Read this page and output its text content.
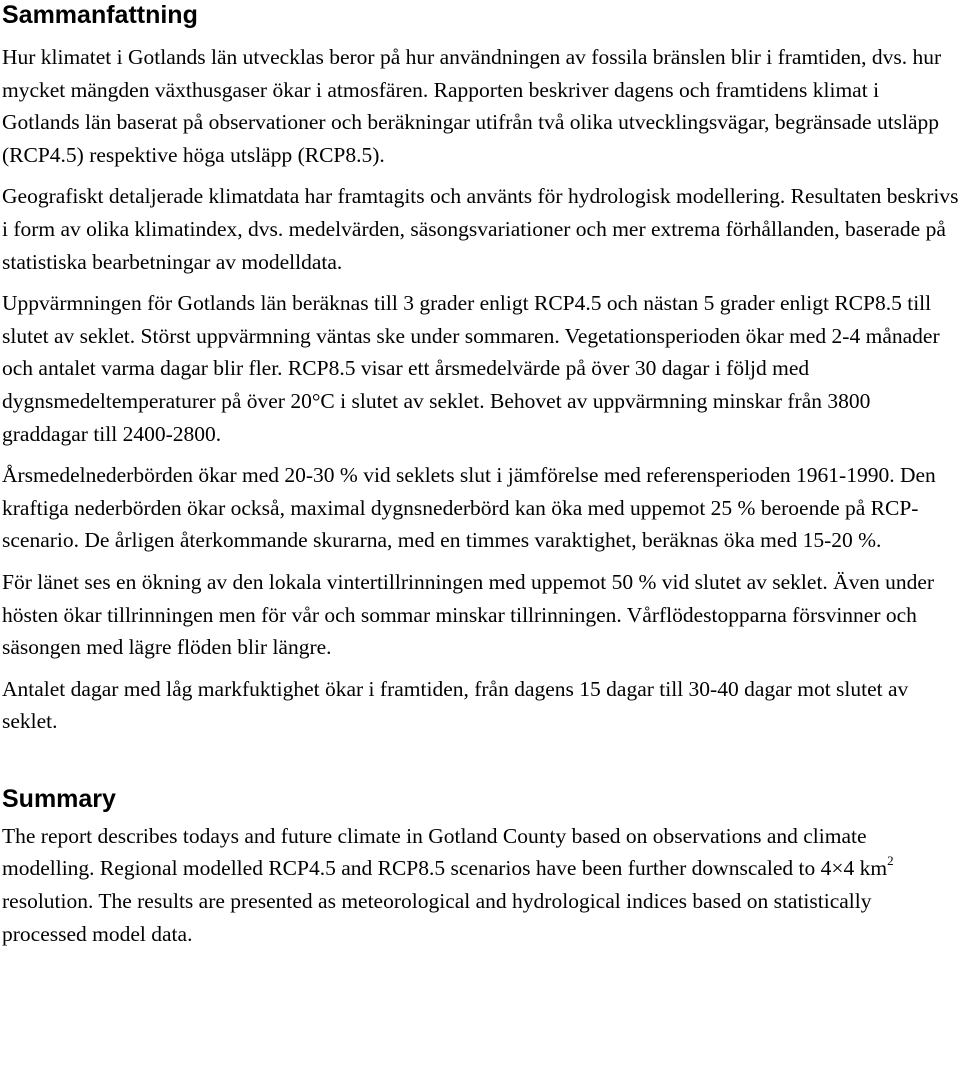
Sammanfattning

Hur klimatet i Gotlands län utvecklas beror på hur användningen av fossila bränslen blir i framtiden, dvs. hur mycket mängden växthusgaser ökar i atmosfären. Rapporten beskriver dagens och framtidens klimat i Gotlands län baserat på observationer och beräkningar utifrån två olika utvecklingsvägar, begränsade utsläpp (RCP4.5) respektive höga utsläpp (RCP8.5).

Geografiskt detaljerade klimatdata har framtagits och använts för hydrologisk modellering. Resultaten beskrivs i form av olika klimatindex, dvs. medelvärden, säsongsvariationer och mer extrema förhållanden, baserade på statistiska bearbetningar av modelldata.

Uppvärmningen för Gotlands län beräknas till 3 grader enligt RCP4.5 och nästan 5 grader enligt RCP8.5 till slutet av seklet. Störst uppvärmning väntas ske under sommaren. Vegetationsperioden ökar med 2-4 månader och antalet varma dagar blir fler. RCP8.5 visar ett årsmedelvärde på över 30 dagar i följd med dygnsmedeltemperaturer på över 20°C i slutet av seklet. Behovet av uppvärmning minskar från 3800 graddagar till 2400-2800.

Årsmedelnederbörden ökar med 20-30 % vid seklets slut i jämförelse med referensperioden 1961-1990. Den kraftiga nederbörden ökar också, maximal dygnsnederbörd kan öka med uppemot 25 % beroende på RCP-scenario. De årligen återkommande skurarna, med en timmes varaktighet, beräknas öka med 15-20 %.

För länet ses en ökning av den lokala vintertillrinningen med uppemot 50 % vid slutet av seklet. Även under hösten ökar tillrinningen men för vår och sommar minskar tillrinningen. Vårflödestopparna försvinner och säsongen med lägre flöden blir längre.

Antalet dagar med låg markfuktighet ökar i framtiden, från dagens 15 dagar till 30-40 dagar mot slutet av seklet.

Summary

The report describes todays and future climate in Gotland County based on observations and climate modelling. Regional modelled RCP4.5 and RCP8.5 scenarios have been further downscaled to 4×4 $km^2$ resolution. The results are presented as meteorological and hydrological indices based on statistically processed model data.
